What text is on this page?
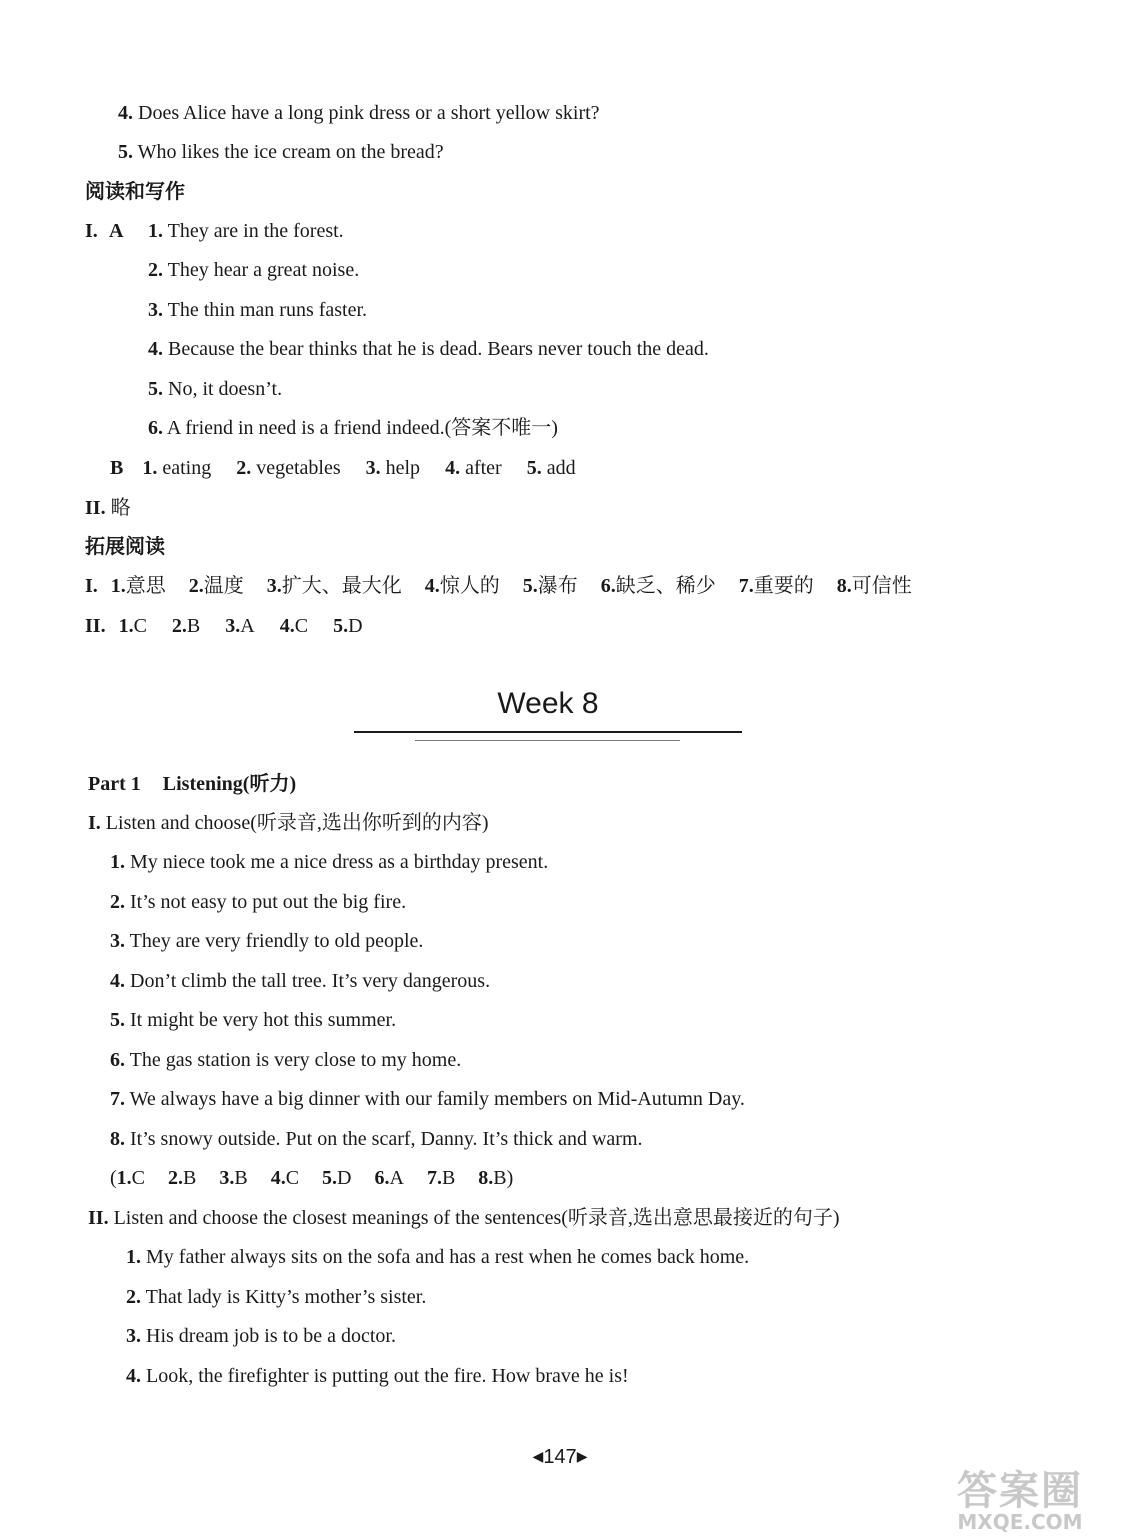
4. Does Alice have a long pink dress or a short yellow skirt?
5. Who likes the ice cream on the bread?
阅读和写作
I. A 1. They are in the forest.
2. They hear a great noise.
3. The thin man runs faster.
4. Because the bear thinks that he is dead. Bears never touch the dead.
5. No, it doesn’t.
6. A friend in need is a friend indeed.(答案不唯一)
B 1. eating 2. vegetables 3. help 4. after 5. add
II. 略
拓展阅读
I. 1.意思 2.温度 3.扩大、最大化 4.惊人的 5.瀑布 6.缺乏、稀少 7.重要的 8.可信性
II. 1.C 2.B 3.A 4.C 5.D
Week 8
Part 1 Listening(听力)
I. Listen and choose(听录音,选出你听到的内容)
1. My niece took me a nice dress as a birthday present.
2. It’s not easy to put out the big fire.
3. They are very friendly to old people.
4. Don’t climb the tall tree. It’s very dangerous.
5. It might be very hot this summer.
6. The gas station is very close to my home.
7. We always have a big dinner with our family members on Mid-Autumn Day.
8. It’s snowy outside. Put on the scarf, Danny. It’s thick and warm.
(1.C 2.B 3.B 4.C 5.D 6.A 7.B 8.B)
II. Listen and choose the closest meanings of the sentences(听录音,选出意思最接近的句子)
1. My father always sits on the sofa and has a rest when he comes back home.
2. That lady is Kitty’s mother’s sister.
3. His dream job is to be a doctor.
4. Look, the firefighter is putting out the fire. How brave he is!
◀147▶
答案圈
MXQE.COM
